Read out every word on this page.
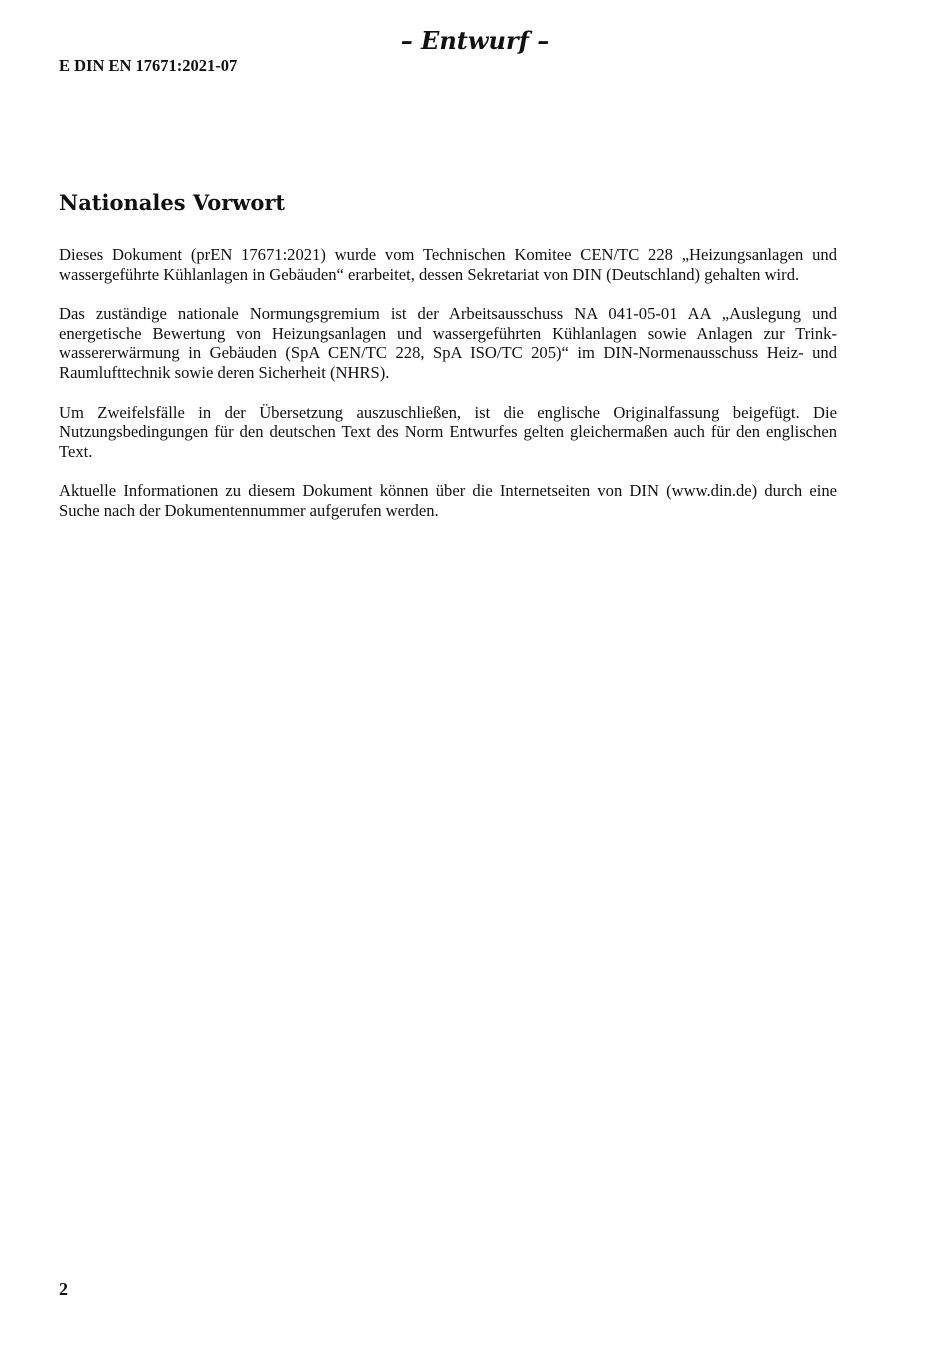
– Entwurf –
E DIN EN 17671:2021-07
Nationales Vorwort

Dieses Dokument (prEN 17671:2021) wurde vom Technischen Komitee CEN/TC 228 „Heizungsanlagen und wassergeführte Kühlanlagen in Gebäuden“ erarbeitet, dessen Sekretariat von DIN (Deutschland) gehalten wird.

Das zuständige nationale Normungsgremium ist der Arbeitsausschuss NA 041-05-01 AA „Auslegung und energetische Bewertung von Heizungsanlagen und wassergeführten Kühlanlagen sowie Anlagen zur Trink-wassererwärmung in Gebäuden (SpA CEN/TC 228, SpA ISO/TC 205)“ im DIN-Normenausschuss Heiz- und Raumlufttechnik sowie deren Sicherheit (NHRS).

Um Zweifelsfälle in der Übersetzung auszuschließen, ist die englische Originalfassung beigefügt. Die Nutzungsbedingungen für den deutschen Text des Norm Entwurfes gelten gleichermaßen auch für den englischen Text.

Aktuelle Informationen zu diesem Dokument können über die Internetseiten von DIN (www.din.de) durch eine Suche nach der Dokumentennummer aufgerufen werden.

2
